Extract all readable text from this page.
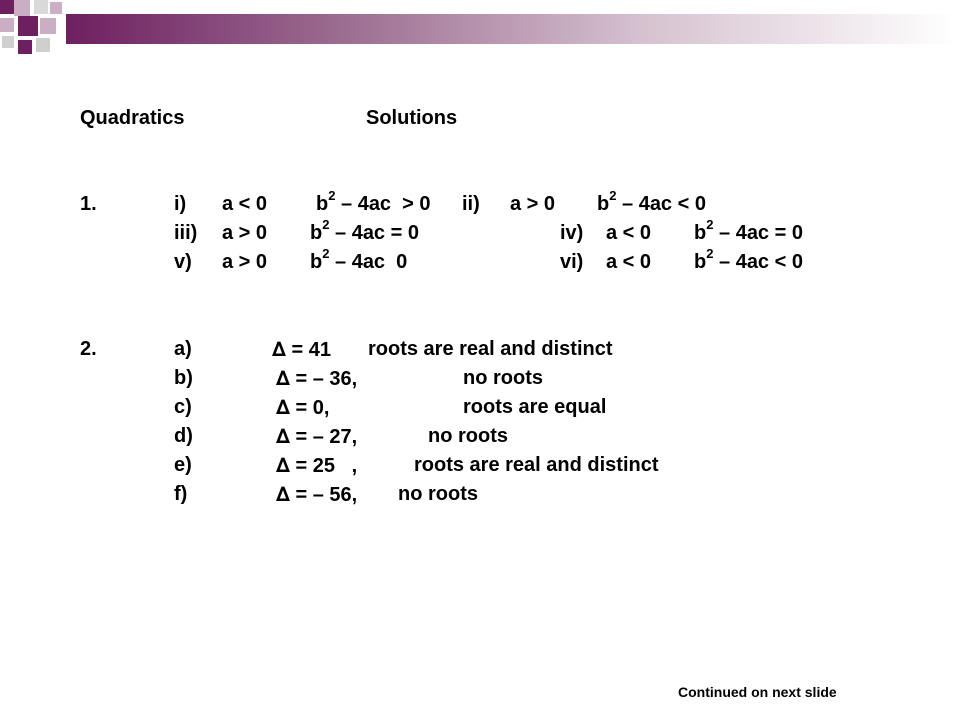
Quadratics	Solutions
1.	i) a < 0 $b^2 - 4ac > 0$ ii) a > 0 $b^2 - 4ac < 0$
iii) a > 0 $b^2 - 4ac = 0$	iv) a < 0 $b^2 - 4ac = 0$
v) a > 0 $b^2 - 4ac$  0	vi) a < 0 $b^2 - 4ac < 0$
2.	a)	∆ = 41 roots are real and distinct
b)	∆ = – 36,	no roots
c)	∆ = 0,	roots are equal
d)	∆ = – 27,	no roots
e)	∆ = 25   ,	roots are real and distinct
f)	∆ = – 56, no roots
Continued on next slide
